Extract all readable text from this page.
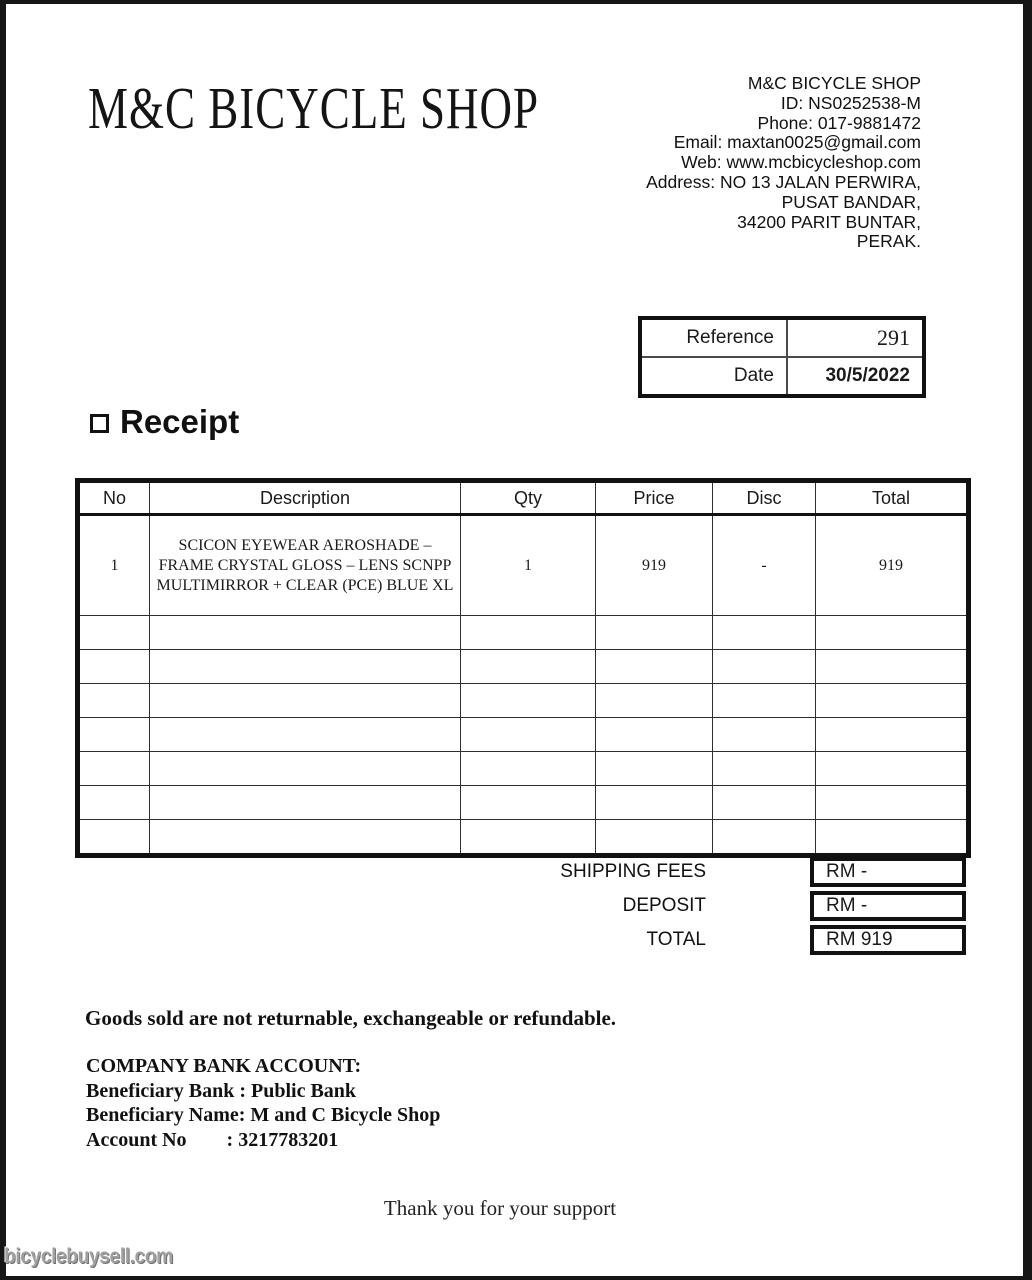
M&C BICYCLE SHOP	M&C BICYCLE SHOP
ID: NS0252538-M
Phone: 017-9881472
Email: maxtan0025@gmail.com
Web: www.mcbicycleshop.com
Address: NO 13 JALAN PERWIRA,
PUSAT BANDAR,
34200 PARIT BUNTAR,
PERAK.
Reference	291
Date	30/5/2022
Receipt
No	Description	Qty	Price	Disc	Total
1	SCICON EYEWEAR AEROSHADE – FRAME CRYSTAL GLOSS – LENS SCNPP MULTIMIRROR + CLEAR (PCE) BLUE XL	1	919	-	919

SHIPPING FEES	RM -
DEPOSIT	RM -
TOTAL	RM 919
Goods sold are not returnable, exchangeable or refundable.
COMPANY BANK ACCOUNT:
Beneficiary Bank : Public Bank
Beneficiary Name: M and C Bicycle Shop
Account No        : 3217783201
Thank you for your support
bicyclebuysell.com
